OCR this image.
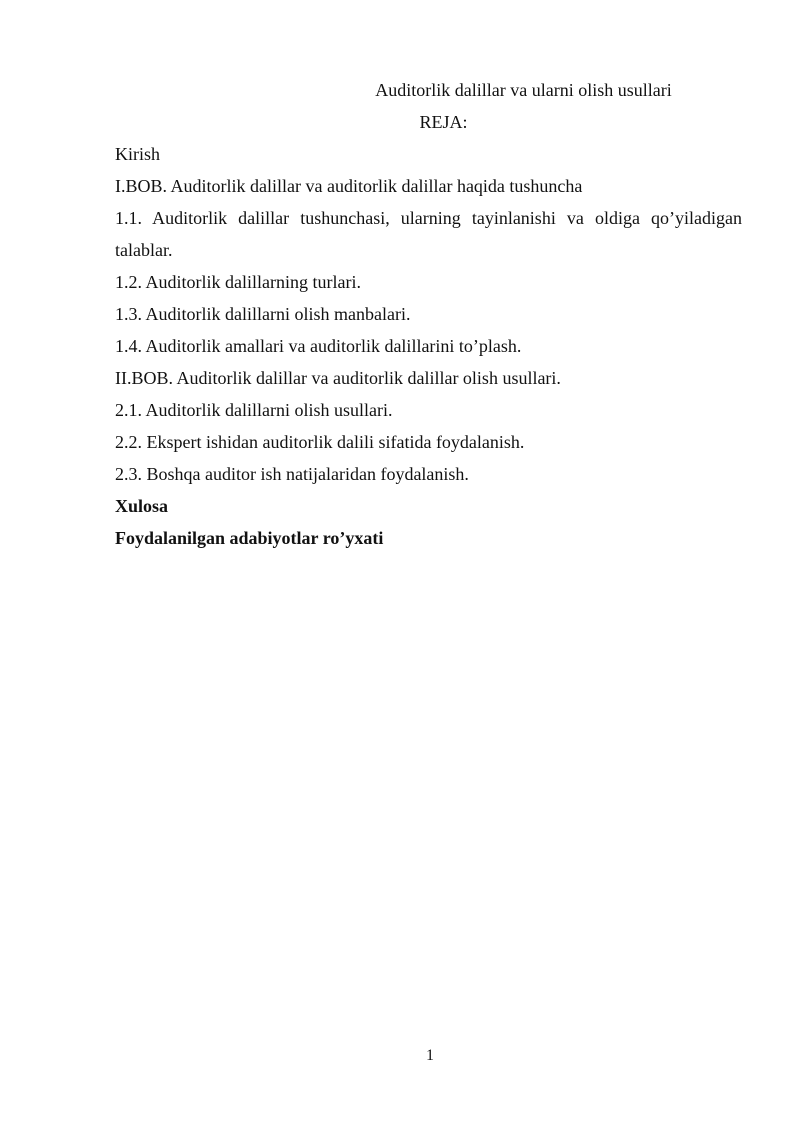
Auditorlik dalillar va ularni olish usullari

REJA:

Kirish

I.BOB. Auditorlik dalillar va auditorlik dalillar haqida tushuncha

1.1. Auditorlik dalillar tushunchasi, ularning tayinlanishi va oldiga qo’yiladigan talablar.

1.2. Auditorlik dalillarning turlari.

1.3. Auditorlik dalillarni olish manbalari.

1.4. Auditorlik amallari va auditorlik dalillarini to’plash.

II.BOB. Auditorlik dalillar va auditorlik dalillar olish usullari.

2.1. Auditorlik dalillarni olish usullari.

2.2. Ekspert ishidan auditorlik dalili sifatida foydalanish.

2.3. Boshqa auditor ish natijalaridan foydalanish.

Xulosa

Foydalanilgan adabiyotlar ro’yxati

1
